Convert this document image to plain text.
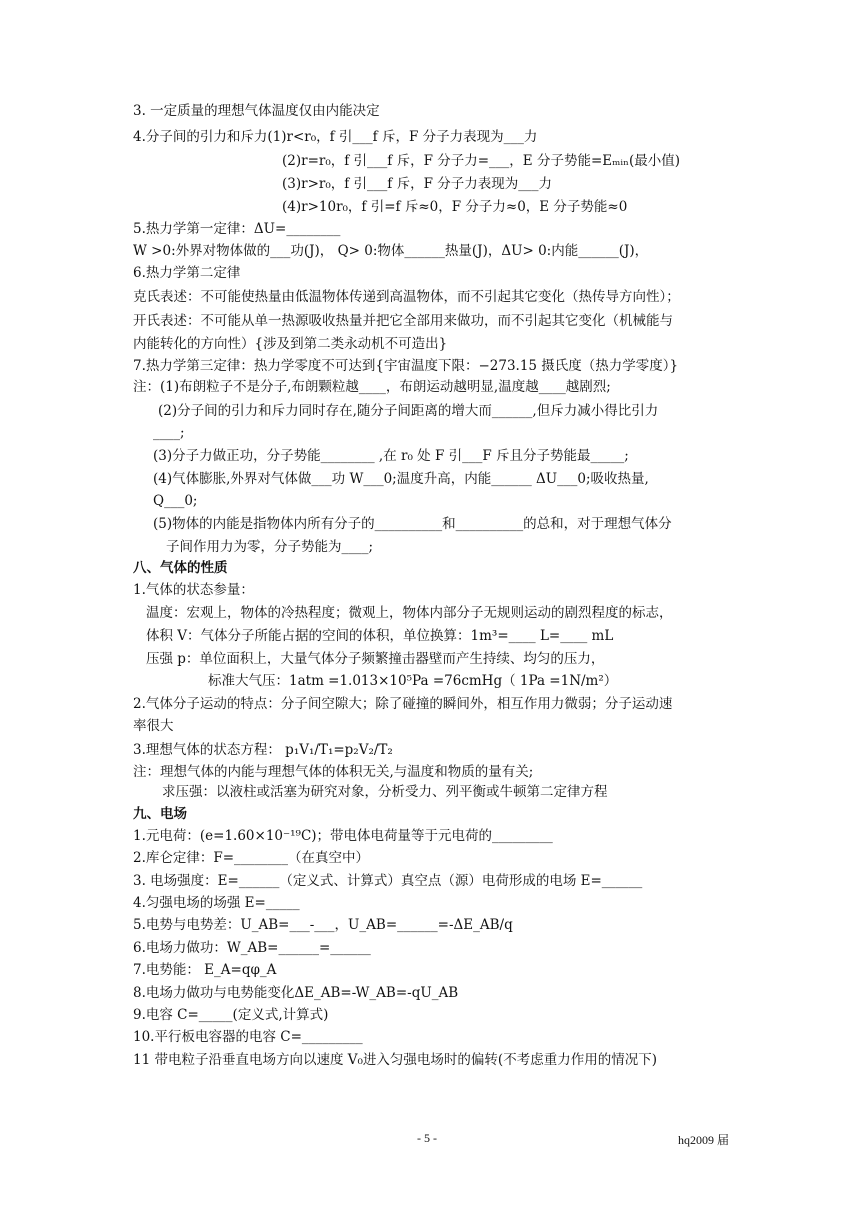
3. 一定质量的理想气体温度仅由内能决定
4.分子间的引力和斥力(1)r<r₀，f 引___f 斥，F 分子力表现为___力
(2)r=r₀，f 引___f 斥，F 分子力=___，E 分子势能=Eₘᵢₙ(最小值)
(3)r>r₀，f 引___f 斥，F 分子力表现为___力
(4)r>10r₀，f 引=f 斥≈0，F 分子力≈0，E 分子势能≈0
5.热力学第一定律：ΔU=________
W >0:外界对物体做的___功(J)， Q> 0:物体______热量(J)，ΔU> 0:内能______(J)，
6.热力学第二定律
克氏表述：不可能使热量由低温物体传递到高温物体，而不引起其它变化（热传导方向性）；
开氏表述：不可能从单一热源吸收热量并把它全部用来做功，而不引起其它变化（机械能与
内能转化的方向性）{涉及到第二类永动机不可造出}
7.热力学第三定律：热力学零度不可达到{宇宙温度下限：−273.15 摄氏度（热力学零度）}
注：(1)布朗粒子不是分子,布朗颗粒越____，布朗运动越明显,温度越____越剧烈;
(2)分子间的引力和斥力同时存在,随分子间距离的增大而______,但斥力减小得比引力
____;
(3)分子力做正功，分子势能________ ,在 r₀ 处 F 引___F 斥且分子势能最_____;
(4)气体膨胀,外界对气体做___功 W___0;温度升高，内能______ ΔU___0;吸收热量,
Q___0;
(5)物体的内能是指物体内所有分子的__________和__________的总和，对于理想气体分
子间作用力为零，分子势能为____;
八、气体的性质
1.气体的状态参量：
温度：宏观上，物体的冷热程度；微观上，物体内部分子无规则运动的剧烈程度的标志，
体积 V：气体分子所能占据的空间的体积，单位换算：1m³=____ L=____ mL
压强 p：单位面积上，大量气体分子频繁撞击器壁而产生持续、均匀的压力，
标准大气压：1atm =1.013×10⁵Pa =76cmHg（ 1Pa =1N/m²）
2.气体分子运动的特点：分子间空隙大；除了碰撞的瞬间外，相互作用力微弱；分子运动速
率很大
3.理想气体的状态方程： p₁V₁/T₁=p₂V₂/T₂
注：理想气体的内能与理想气体的体积无关,与温度和物质的量有关;
求压强：以液柱或活塞为研究对象，分析受力、列平衡或牛顿第二定律方程
九、电场
1.元电荷：(e=1.60×10⁻¹⁹C)；带电体电荷量等于元电荷的_________
2.库仑定律：F=________（在真空中）
3. 电场强度：E=______（定义式、计算式）真空点（源）电荷形成的电场 E=______
4.匀强电场的场强 E=_____
5.电势与电势差：U_AB=___-___，U_AB=______=-ΔE_AB/q
6.电场力做功：W_AB=______=______
7.电势能： E_A=qφ_A
8.电场力做功与电势能变化ΔE_AB=-W_AB=-qU_AB
9.电容 C=_____(定义式,计算式)
10.平行板电容器的电容 C=_________
11 带电粒子沿垂直电场方向以速度 V₀进入匀强电场时的偏转(不考虑重力作用的情况下)
- 5 -	hq2009 届
